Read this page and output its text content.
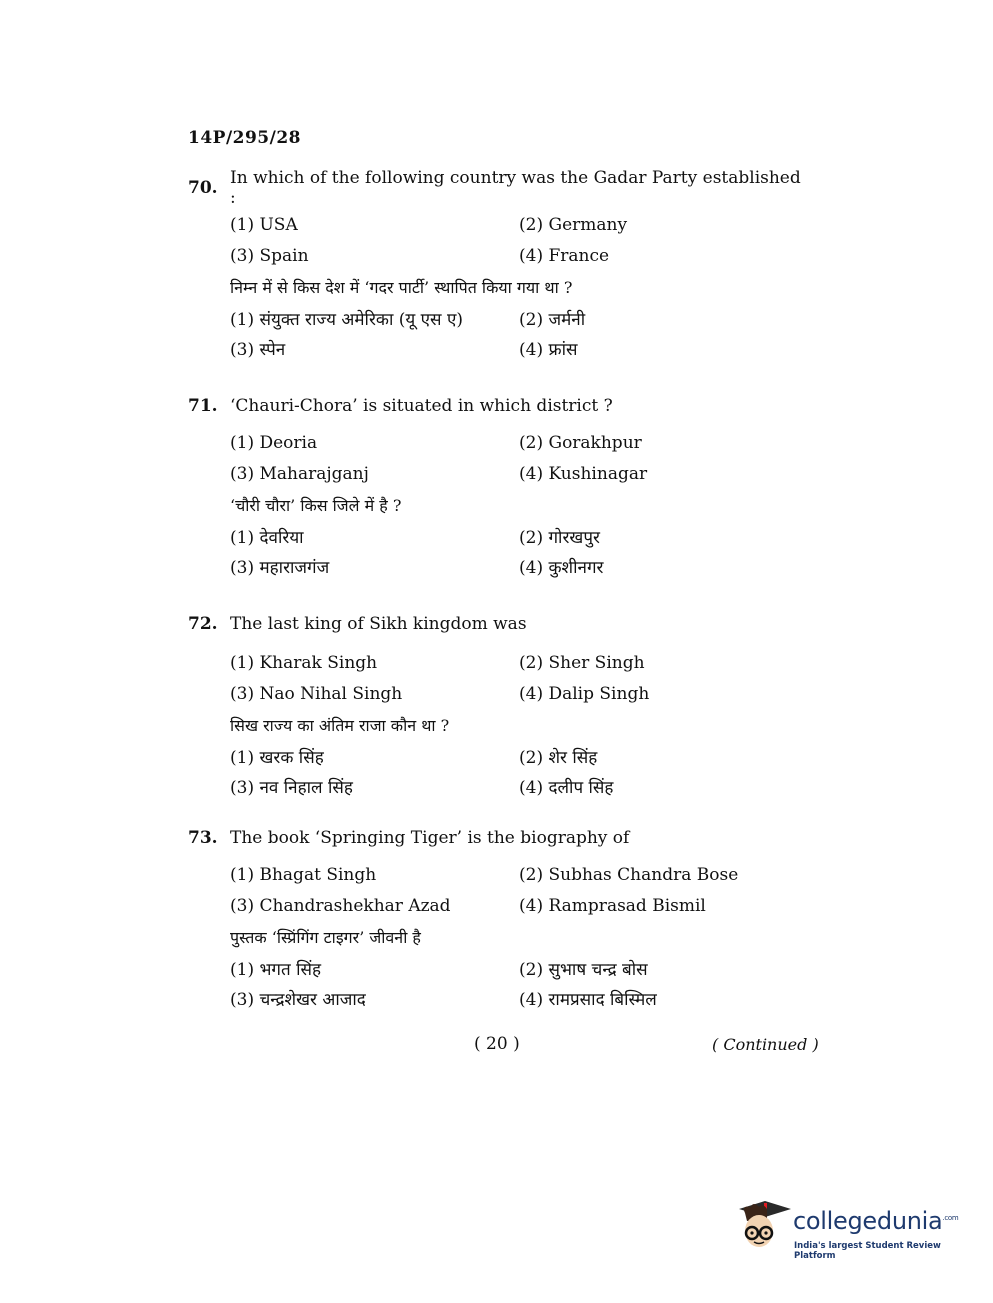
14P/295/28
70. In which of the following country was the Gadar Party established :
(1) USA	(2) Germany
(3) Spain	(4) France
निम्न में से किस देश में ‘गदर पार्टी’ स्थापित किया गया था ?
(1) संयुक्त राज्य अमेरिका (यू एस ए)	(2) जर्मनी
(3) स्पेन	(4) फ्रांस
71. ‘Chauri-Chora’ is situated in which district ?
(1) Deoria	(2) Gorakhpur
(3) Maharajganj	(4) Kushinagar
‘चौरी चौरा’ किस जिले में है ?
(1) देवरिया	(2) गोरखपुर
(3) महाराजगंज	(4) कुशीनगर
72. The last king of Sikh kingdom was
(1) Kharak Singh	(2) Sher Singh
(3) Nao Nihal Singh	(4) Dalip Singh
सिख राज्य का अंतिम राजा कौन था ?
(1) खरक सिंह	(2) शेर सिंह
(3) नव निहाल सिंह	(4) दलीप सिंह
73. The book ‘Springing Tiger’ is the biography of
(1) Bhagat Singh	(2) Subhas Chandra Bose
(3) Chandrashekhar Azad	(4) Ramprasad Bismil
पुस्तक ‘स्प्रिंगिंग टाइगर’ जीवनी है
(1) भगत सिंह	(2) सुभाष चन्द्र बोस
(3) चन्द्रशेखर आजाद	(4) रामप्रसाद बिस्मिल
( 20 )	( Continued )
collegedunia$^{.com}$
India's largest Student Review Platform
